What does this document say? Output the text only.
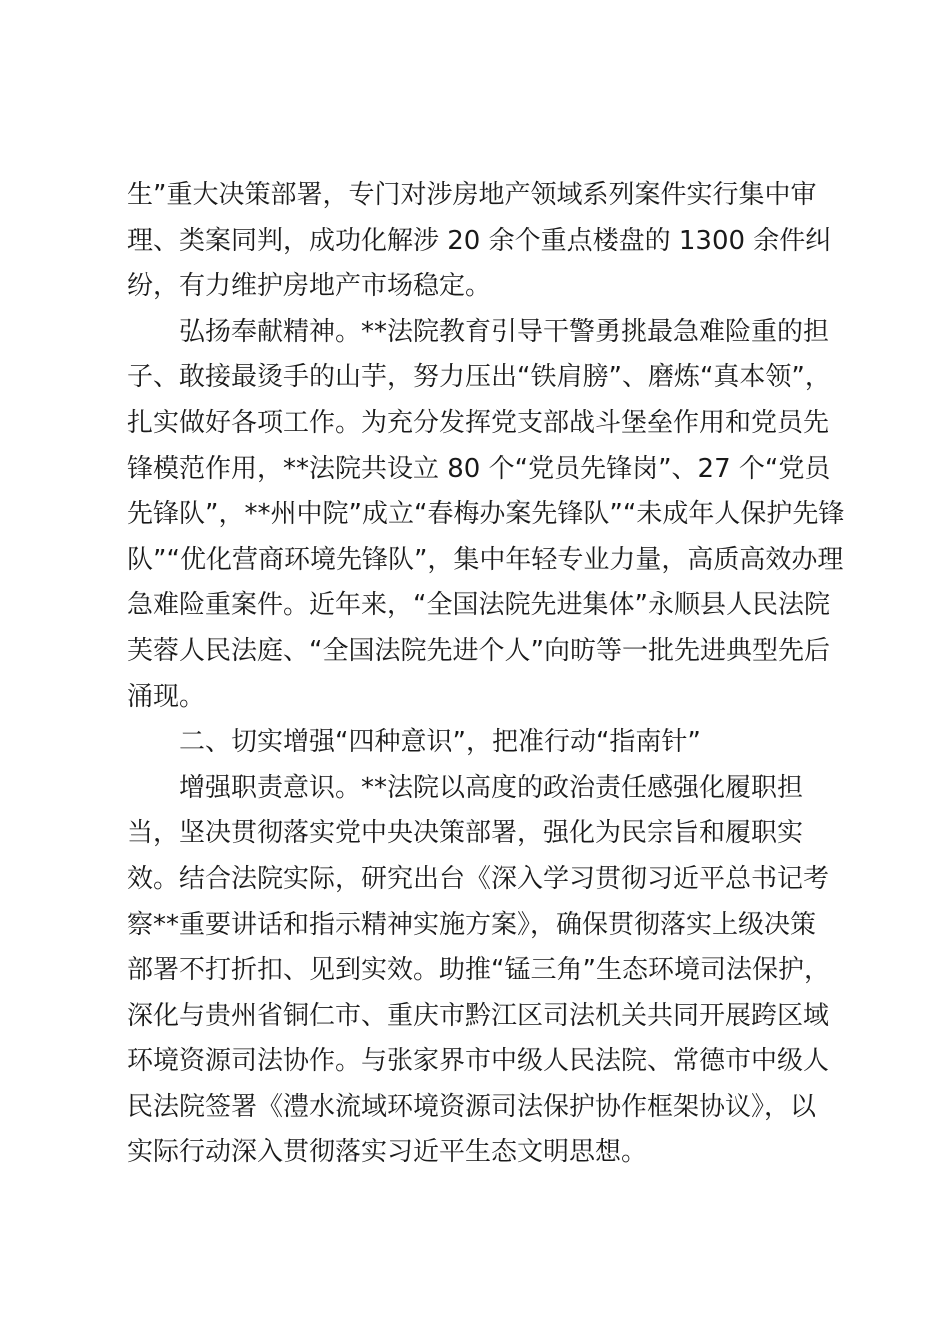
生”重大决策部署，专门对涉房地产领域系列案件实行集中审
理、类案同判，成功化解涉 20 余个重点楼盘的 1300 余件纠
纷，有力维护房地产市场稳定。
弘扬奉献精神。**法院教育引导干警勇挑最急难险重的担
子、敢接最烫手的山芋，努力压出“铁肩膀”、磨炼“真本领”，
扎实做好各项工作。为充分发挥党支部战斗堡垒作用和党员先
锋模范作用，**法院共设立 80 个“党员先锋岗”、27 个“党员
先锋队”，**州中院”成立“春梅办案先锋队”“未成年人保护先锋
队”“优化营商环境先锋队”，集中年轻专业力量，高质高效办理
急难险重案件。近年来，“全国法院先进集体”永顺县人民法院
芙蓉人民法庭、“全国法院先进个人”向昉等一批先进典型先后
涌现。
二、切实增强“四种意识”，把准行动“指南针”
增强职责意识。**法院以高度的政治责任感强化履职担
当，坚决贯彻落实党中央决策部署，强化为民宗旨和履职实
效。结合法院实际，研究出台《深入学习贯彻习近平总书记考
察**重要讲话和指示精神实施方案》，确保贯彻落实上级决策
部署不打折扣、见到实效。助推“锰三角”生态环境司法保护，
深化与贵州省铜仁市、重庆市黔江区司法机关共同开展跨区域
环境资源司法协作。与张家界市中级人民法院、常德市中级人
民法院签署《澧水流域环境资源司法保护协作框架协议》，以
实际行动深入贯彻落实习近平生态文明思想。
